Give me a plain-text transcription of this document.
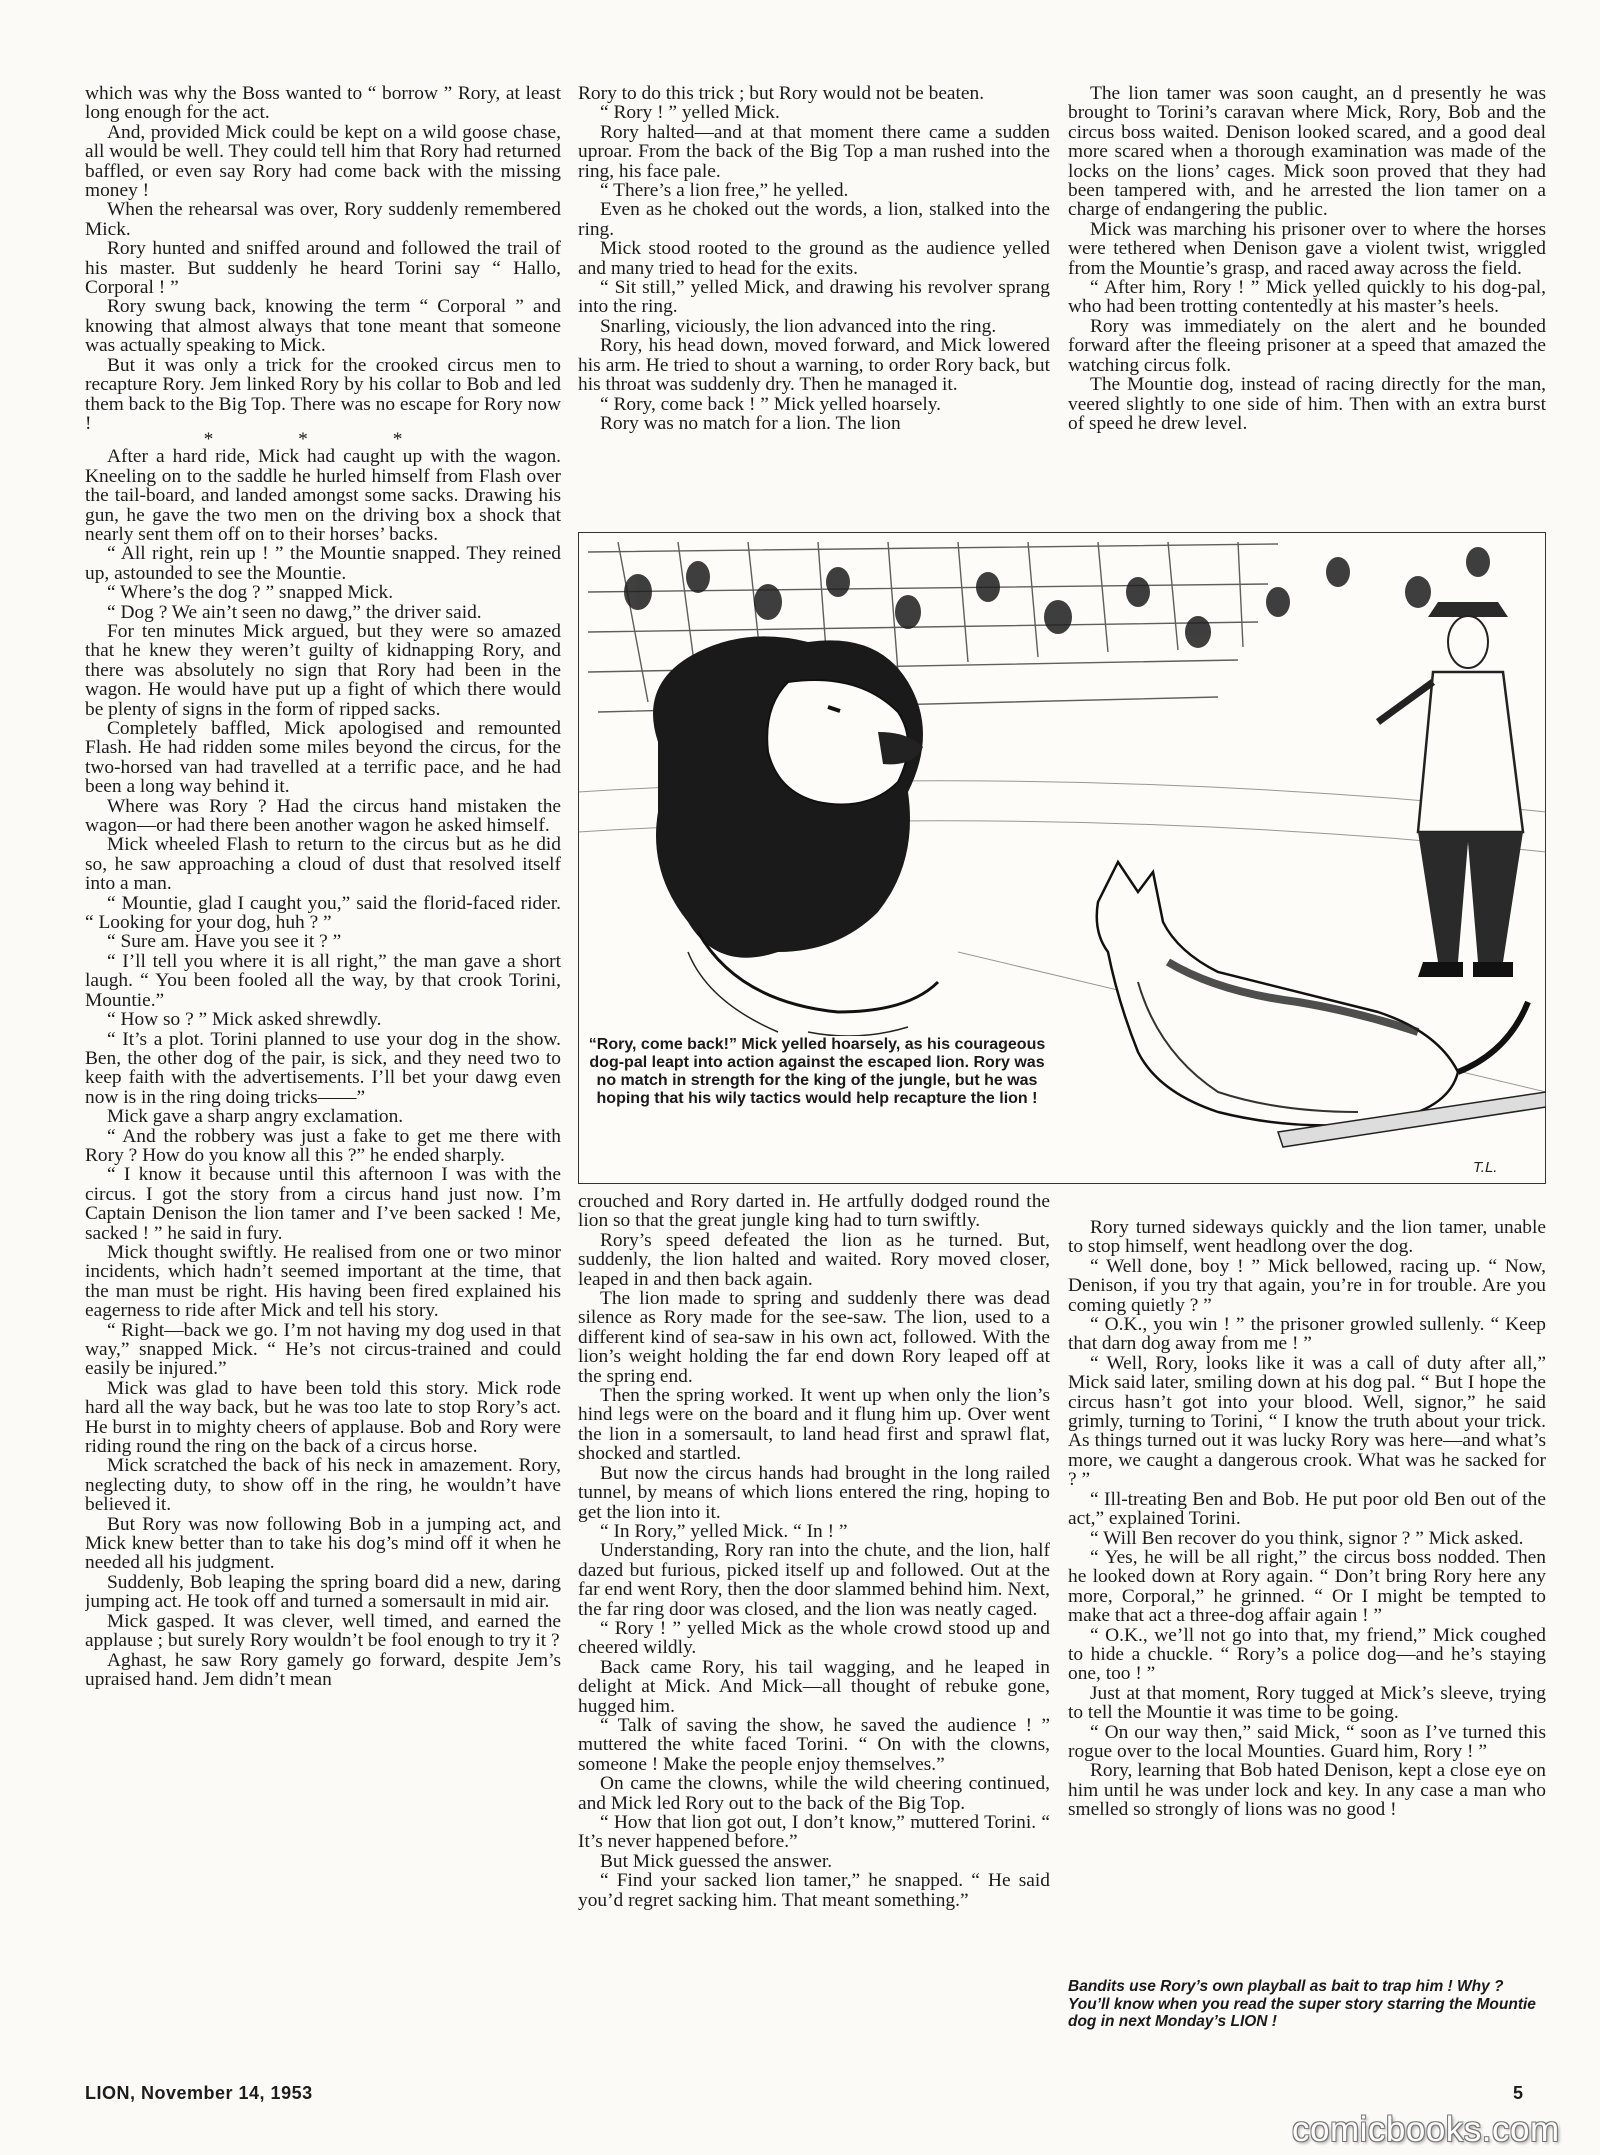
which was why the Boss wanted to “ borrow ” Rory, at least long enough for the act.

And, provided Mick could be kept on a wild goose chase, all would be well. They could tell him that Rory had returned baffled, or even say Rory had come back with the missing money !

When the rehearsal was over, Rory suddenly remembered Mick.

Rory hunted and sniffed around and followed the trail of his master. But suddenly he heard Torini say “ Hallo, Corporal ! ”

Rory swung back, knowing the term “ Corporal ” and knowing that almost always that tone meant that someone was actually speaking to Mick.

But it was only a trick for the crooked circus men to recapture Rory. Jem linked Rory by his collar to Bob and led them back to the Big Top. There was no escape for Rory now !

* * *

After a hard ride, Mick had caught up with the wagon. Kneeling on to the saddle he hurled himself from Flash over the tail-board, and landed amongst some sacks. Drawing his gun, he gave the two men on the driving box a shock that nearly sent them off on to their horses’ backs.

“ All right, rein up ! ” the Mountie snapped. They reined up, astounded to see the Mountie.

“ Where’s the dog ? ” snapped Mick.

“ Dog ? We ain’t seen no dawg,” the driver said.

For ten minutes Mick argued, but they were so amazed that he knew they weren’t guilty of kidnapping Rory, and there was absolutely no sign that Rory had been in the wagon. He would have put up a fight of which there would be plenty of signs in the form of ripped sacks.

Completely baffled, Mick apologised and remounted Flash. He had ridden some miles beyond the circus, for the two-horsed van had travelled at a terrific pace, and he had been a long way behind it.

Where was Rory ? Had the circus hand mistaken the wagon—or had there been another wagon he asked himself.

Mick wheeled Flash to return to the circus but as he did so, he saw approaching a cloud of dust that resolved itself into a man.

“ Mountie, glad I caught you,” said the florid-faced rider. “ Looking for your dog, huh ? ”

“ Sure am. Have you see it ? ”

“ I’ll tell you where it is all right,” the man gave a short laugh. “ You been fooled all the way, by that crook Torini, Mountie.”

“ How so ? ” Mick asked shrewdly.

“ It’s a plot. Torini planned to use your dog in the show. Ben, the other dog of the pair, is sick, and they need two to keep faith with the advertisements. I’ll bet your dawg even now is in the ring doing tricks——”

Mick gave a sharp angry exclamation.

“ And the robbery was just a fake to get me there with Rory ? How do you know all this ?” he ended sharply.

“ I know it because until this afternoon I was with the circus. I got the story from a circus hand just now. I’m Captain Denison the lion tamer and I’ve been sacked ! Me, sacked ! ” he said in fury.

Mick thought swiftly. He realised from one or two minor incidents, which hadn’t seemed important at the time, that the man must be right. His having been fired explained his eagerness to ride after Mick and tell his story.

“ Right—back we go. I’m not having my dog used in that way,” snapped Mick. “ He’s not circus-trained and could easily be injured.”

Mick was glad to have been told this story. Mick rode hard all the way back, but he was too late to stop Rory’s act. He burst in to mighty cheers of applause. Bob and Rory were riding round the ring on the back of a circus horse.

Mick scratched the back of his neck in amazement. Rory, neglecting duty, to show off in the ring, he wouldn’t have believed it.

But Rory was now following Bob in a jumping act, and Mick knew better than to take his dog’s mind off it when he needed all his judgment.

Suddenly, Bob leaping the spring board did a new, daring jumping act. He took off and turned a somersault in mid air.

Mick gasped. It was clever, well timed, and earned the applause ; but surely Rory wouldn’t be fool enough to try it ?

Aghast, he saw Rory gamely go forward, despite Jem’s upraised hand. Jem didn’t mean

Rory to do this trick ; but Rory would not be beaten.

“ Rory ! ” yelled Mick.

Rory halted—and at that moment there came a sudden uproar. From the back of the Big Top a man rushed into the ring, his face pale.

“ There’s a lion free,” he yelled.

Even as he choked out the words, a lion, stalked into the ring.

Mick stood rooted to the ground as the audience yelled and many tried to head for the exits.

“ Sit still,” yelled Mick, and drawing his revolver sprang into the ring.

Snarling, viciously, the lion advanced into the ring.

Rory, his head down, moved forward, and Mick lowered his arm. He tried to shout a warning, to order Rory back, but his throat was suddenly dry. Then he managed it.

“ Rory, come back ! ” Mick yelled hoarsely.

Rory was no match for a lion. The lion

The lion tamer was soon caught, an d presently he was brought to Torini’s caravan where Mick, Rory, Bob and the circus boss waited. Denison looked scared, and a good deal more scared when a thorough examination was made of the locks on the lions’ cages. Mick soon proved that they had been tampered with, and he arrested the lion tamer on a charge of endangering the public.

Mick was marching his prisoner over to where the horses were tethered when Denison gave a violent twist, wriggled from the Mountie’s grasp, and raced away across the field.

“ After him, Rory ! ” Mick yelled quickly to his dog-pal, who had been trotting contentedly at his master’s heels.

Rory was immediately on the alert and he bounded forward after the fleeing prisoner at a speed that amazed the watching circus folk.

The Mountie dog, instead of racing directly for the man, veered slightly to one side of him. Then with an extra burst of speed he drew level.

T.L.
“Rory, come back!” Mick yelled hoarsely, as his courageous dog-pal leapt into action against the escaped lion. Rory was no match in strength for the king of the jungle, but he was hoping that his wily tactics would help recapture the lion !

crouched and Rory darted in. He artfully dodged round the lion so that the great jungle king had to turn swiftly.

Rory’s speed defeated the lion as he turned. But, suddenly, the lion halted and waited. Rory moved closer, leaped in and then back again.

The lion made to spring and suddenly there was dead silence as Rory made for the see-saw. The lion, used to a different kind of sea-saw in his own act, followed. With the lion’s weight holding the far end down Rory leaped off at the spring end.

Then the spring worked. It went up when only the lion’s hind legs were on the board and it flung him up. Over went the lion in a somersault, to land head first and sprawl flat, shocked and startled.

But now the circus hands had brought in the long railed tunnel, by means of which lions entered the ring, hoping to get the lion into it.

“ In Rory,” yelled Mick. “ In ! ”

Understanding, Rory ran into the chute, and the lion, half dazed but furious, picked itself up and followed. Out at the far end went Rory, then the door slammed behind him. Next, the far ring door was closed, and the lion was neatly caged.

“ Rory ! ” yelled Mick as the whole crowd stood up and cheered wildly.

Back came Rory, his tail wagging, and he leaped in delight at Mick. And Mick—all thought of rebuke gone, hugged him.

“ Talk of saving the show, he saved the audience ! ” muttered the white faced Torini. “ On with the clowns, someone ! Make the people enjoy themselves.”

On came the clowns, while the wild cheering continued, and Mick led Rory out to the back of the Big Top.

“ How that lion got out, I don’t know,” muttered Torini. “ It’s never happened before.”

But Mick guessed the answer.

“ Find your sacked lion tamer,” he snapped. “ He said you’d regret sacking him. That meant something.”

Rory turned sideways quickly and the lion tamer, unable to stop himself, went headlong over the dog.

“ Well done, boy ! ” Mick bellowed, racing up. “ Now, Denison, if you try that again, you’re in for trouble. Are you coming quietly ? ”

“ O.K., you win ! ” the prisoner growled sullenly. “ Keep that darn dog away from me ! ”

“ Well, Rory, looks like it was a call of duty after all,” Mick said later, smiling down at his dog pal. “ But I hope the circus hasn’t got into your blood. Well, signor,” he said grimly, turning to Torini, “ I know the truth about your trick. As things turned out it was lucky Rory was here—and what’s more, we caught a dangerous crook. What was he sacked for ? ”

“ Ill-treating Ben and Bob. He put poor old Ben out of the act,” explained Torini.

“ Will Ben recover do you think, signor ? ” Mick asked.

“ Yes, he will be all right,” the circus boss nodded. Then he looked down at Rory again. “ Don’t bring Rory here any more, Corporal,” he grinned. “ Or I might be tempted to make that act a three-dog affair again ! ”

“ O.K., we’ll not go into that, my friend,” Mick coughed to hide a chuckle. “ Rory’s a police dog—and he’s staying one, too ! ”

Just at that moment, Rory tugged at Mick’s sleeve, trying to tell the Mountie it was time to be going.

“ On our way then,” said Mick, “ soon as I’ve turned this rogue over to the local Mounties. Guard him, Rory ! ”

Rory, learning that Bob hated Denison, kept a close eye on him until he was under lock and key. In any case a man who smelled so strongly of lions was no good !

Bandits use Rory’s own playball as bait to trap him ! Why ? You’ll know when you read the super story starring the Mountie dog in next Monday’s LION !
LION, November 14, 1953	5
comicbooks.com
